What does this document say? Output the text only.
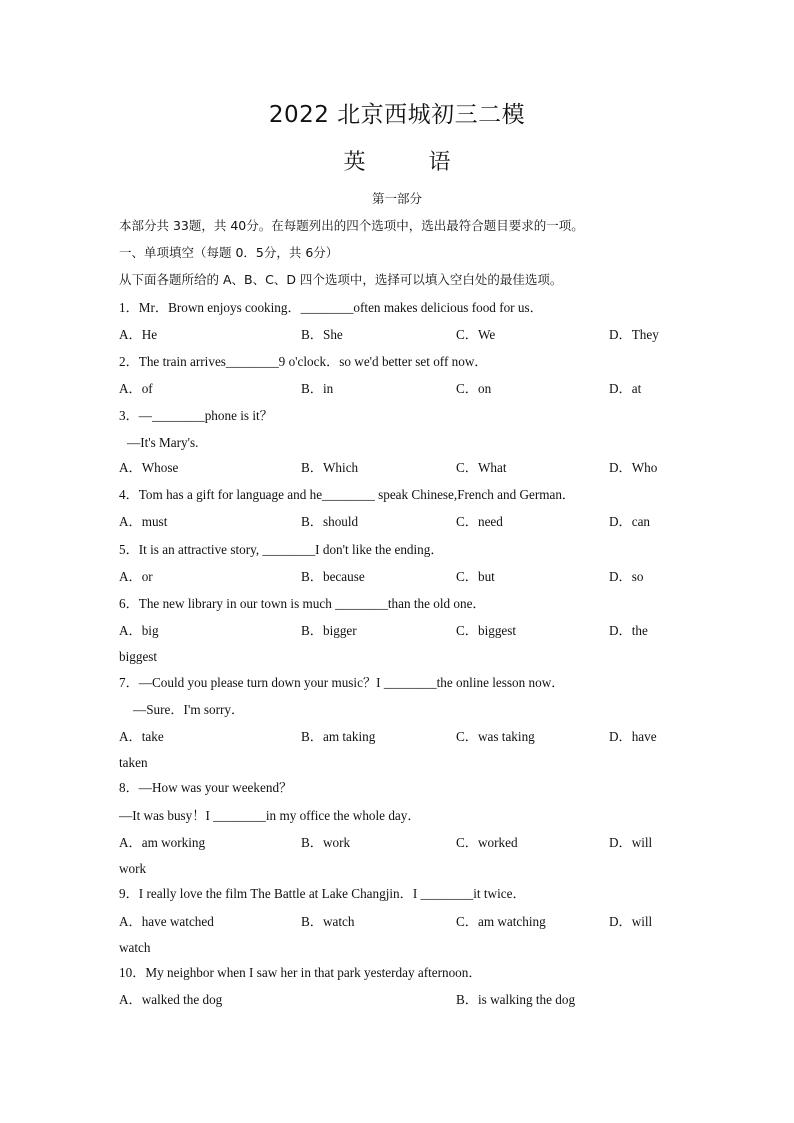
2022 北京西城初三二模
英	语
第一部分
本部分共 33题，共 40分。在每题列出的四个选项中，选出最符合题目要求的一项。
一、单项填空（每题 0．5分，共 6分）
从下面各题所给的 A、B、C、D 四个选项中，选择可以填入空白处的最佳选项。
1．Mr．Brown enjoys cooking．________often makes delicious food for us．
A．He	B．She	C．We	D．They
2．The train arrives________9 o'clock．so we'd better set off now．
A．of	B．in	C．on	D．at
3．—________phone is it？
—It's Mary's.
A．Whose	B．Which	C．What	D．Who
4．Tom has a gift for language and he________ speak Chinese,French and German．
A．must	B．should	C．need	D．can
5．It is an attractive story, ________I don't like the ending．
A．or	B．because	C．but	D．so
6．The new library in our town is much ________than the old one．
A．big	B．bigger	C．biggest	D．the
biggest
7．—Could you please turn down your music？I ________the online lesson now．
—Sure．I'm sorry．
A．take	B．am taking	C．was taking	D．have
taken
8．—How was your weekend？
—It was busy！I ________in my office the whole day．
A．am working	B．work	C．worked	D．will
work
9．I really love the film The Battle at Lake Changjin．I ________it twice．
A．have watched	B．watch	C．am watching	D．will
watch
10．My neighbor when I saw her in that park yesterday afternoon．
A．walked the dog	B．is walking the dog
